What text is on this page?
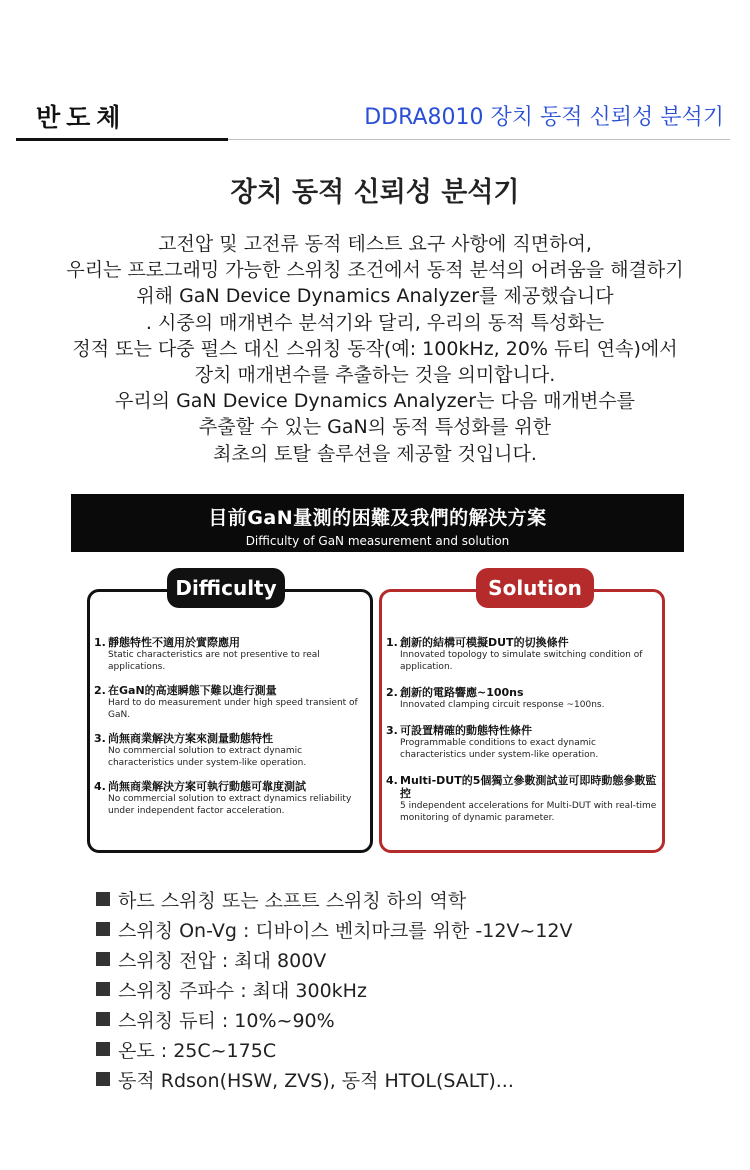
반도체	DDRA8010 장치 동적 신뢰성 분석기
장치 동적 신뢰성 분석기
고전압 및 고전류 동적 테스트 요구 사항에 직면하여,
우리는 프로그래밍 가능한 스위칭 조건에서 동적 분석의 어려움을 해결하기
위해 GaN Device Dynamics Analyzer를 제공했습니다
. 시중의 매개변수 분석기와 달리, 우리의 동적 특성화는
정적 또는 다중 펄스 대신 스위칭 동작(예: 100kHz, 20% 듀티 연속)에서
장치 매개변수를 추출하는 것을 의미합니다.
우리의 GaN Device Dynamics Analyzer는 다음 매개변수를
추출할 수 있는 GaN의 동적 특성화를 위한
최초의 토탈 솔루션을 제공할 것입니다.
目前GaN量測的困難及我們的解決方案
Difficulty of GaN measurement and solution
1. 靜態特性不適用於實際應用
Static characteristics are not presentive to real applications.
2. 在GaN的高速瞬態下難以進行測量
Hard to do measurement under high speed transient of GaN.
3. 尚無商業解決方案來測量動態特性
No commercial solution to extract dynamic characteristics under system-like operation.
4. 尚無商業解決方案可執行動態可靠度測試
No commercial solution to extract dynamics reliability under independent factor acceleration.
Difficulty
1. 創新的結構可模擬DUT的切換條件
Innovated topology to simulate switching condition of application.
2. 創新的電路響應~100ns
Innovated clamping circuit response ~100ns.
3. 可設置精確的動態特性條件
Programmable conditions to exact dynamic characteristics under system-like operation.
4. Multi-DUT的5個獨立參數測試並可即時動態參數監控
5 independent accelerations for Multi-DUT with real-time monitoring of dynamic parameter.
Solution
하드 스위칭 또는 소프트 스위칭 하의 역학
스위칭 On-Vg : 디바이스 벤치마크를 위한 -12V~12V
스위칭 전압 : 최대 800V
스위칭 주파수 : 최대 300kHz
스위칭 듀티 : 10%~90%
온도 : 25C~175C
동적 Rdson(HSW, ZVS), 동적 HTOL(SALT)...
